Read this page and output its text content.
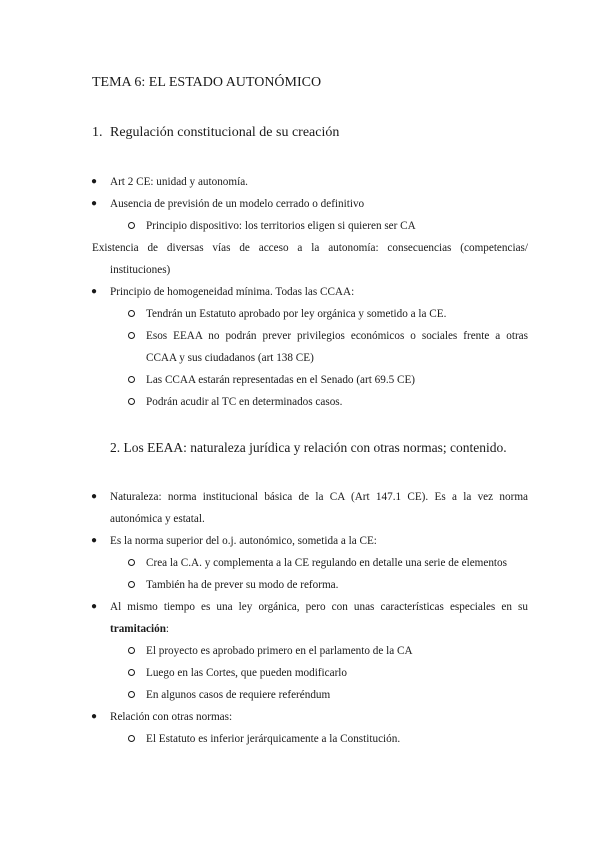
TEMA 6: EL ESTADO AUTONÓMICO
1. Regulación constitucional de su creación
● Art 2 CE: unidad y autonomía.
● Ausencia de previsión de un modelo cerrado o definitivo
Principio dispositivo: los territorios eligen si quieren ser CA
Existencia de diversas vías de acceso a la autonomía: consecuencias (competencias/
instituciones)
● Principio de homogeneidad mínima. Todas las CCAA:
Tendrán un Estatuto aprobado por ley orgánica y sometido a la CE.
Esos EEAA no podrán prever privilegios económicos o sociales frente a otras
CCAA y sus ciudadanos (art 138 CE)
Las CCAA estarán representadas en el Senado (art 69.5 CE)
Podrán acudir al TC en determinados casos.
2. Los EEAA: naturaleza jurídica y relación con otras normas; contenido.
● Naturaleza: norma institucional básica de la CA (Art 147.1 CE). Es a la vez norma
autonómica y estatal.
● Es la norma superior del o.j. autonómico, sometida a la CE:
Crea la C.A. y complementa a la CE regulando en detalle una serie de elementos
También ha de prever su modo de reforma.
● Al mismo tiempo es una ley orgánica, pero con unas características especiales en su
tramitación:
El proyecto es aprobado primero en el parlamento de la CA
Luego en las Cortes, que pueden modificarlo
En algunos casos de requiere referéndum
● Relación con otras normas:
El Estatuto es inferior jerárquicamente a la Constitución.
